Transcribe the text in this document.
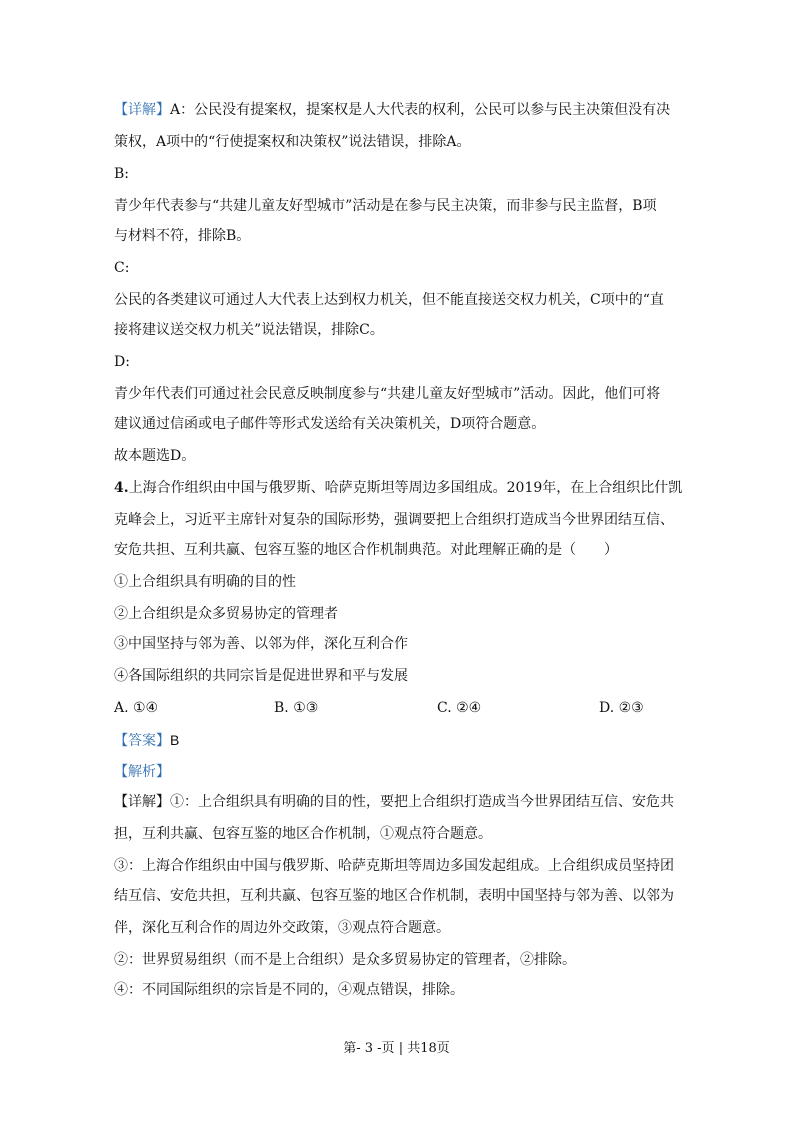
【详解】A：公民没有提案权，提案权是人大代表的权利，公民可以参与民主决策但没有决
策权，A项中的“行使提案权和决策权”说法错误，排除A。
B:
青少年代表参与“共建儿童友好型城市”活动是在参与民主决策，而非参与民主监督，B项
与材料不符，排除B。
C:
公民的各类建议可通过人大代表上达到权力机关，但不能直接送交权力机关，C项中的“直
接将建议送交权力机关”说法错误，排除C。
D:
青少年代表们可通过社会民意反映制度参与“共建儿童友好型城市”活动。因此，他们可将
建议通过信函或电子邮件等形式发送给有关决策机关，D项符合题意。
故本题选D。
4.上海合作组织由中国与俄罗斯、哈萨克斯坦等周边多国组成。2019年，在上合组织比什凯
克峰会上，习近平主席针对复杂的国际形势，强调要把上合组织打造成当今世界团结互信、
安危共担、互利共赢、包容互鉴的地区合作机制典范。对此理解正确的是（　　）
①上合组织具有明确的目的性
②上合组织是众多贸易协定的管理者
③中国坚持与邻为善、以邻为伴，深化互利合作
④各国际组织的共同宗旨是促进世界和平与发展
A. ①④	B. ①③	C. ②④	D. ②③
【答案】B
【解析】
【详解】①：上合组织具有明确的目的性，要把上合组织打造成当今世界团结互信、安危共
担，互利共赢、包容互鉴的地区合作机制，①观点符合题意。
③：上海合作组织由中国与俄罗斯、哈萨克斯坦等周边多国发起组成。上合组织成员坚持团
结互信、安危共担，互利共赢、包容互鉴的地区合作机制，表明中国坚持与邻为善、以邻为
伴，深化互利合作的周边外交政策，③观点符合题意。
②：世界贸易组织（而不是上合组织）是众多贸易协定的管理者，②排除。
④：不同国际组织的宗旨是不同的，④观点错误，排除。
第- 3 -页 | 共18页
